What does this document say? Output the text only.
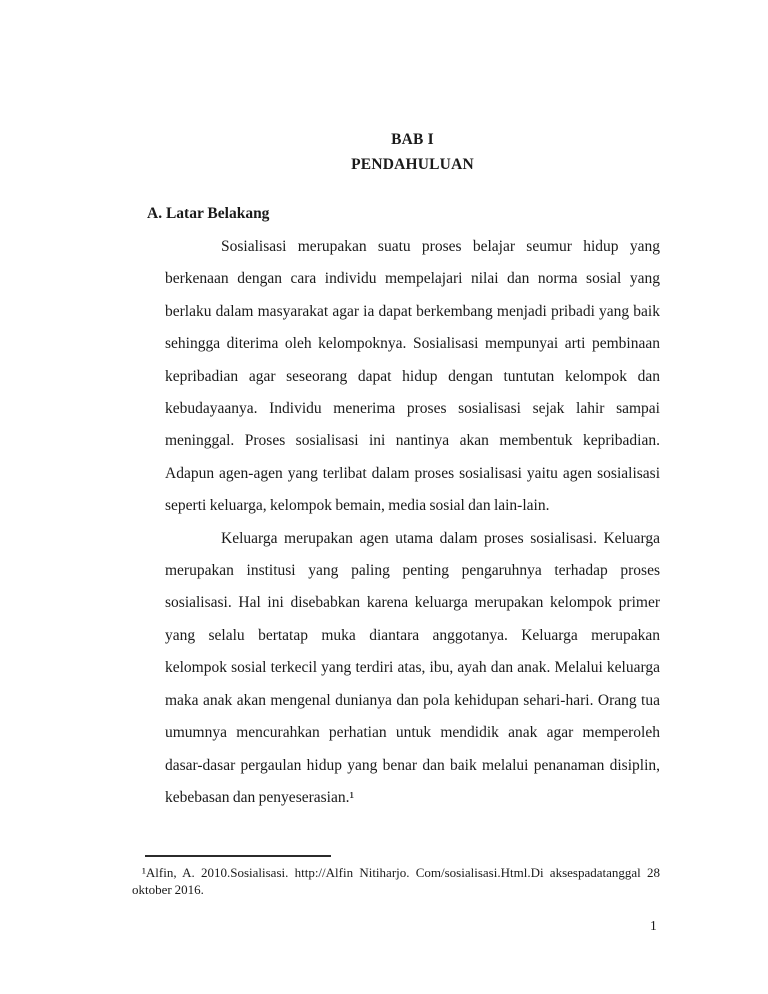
BAB I
PENDAHULUAN
A. Latar Belakang
Sosialisasi merupakan suatu proses belajar seumur hidup yang
berkenaan dengan cara individu mempelajari nilai dan norma sosial yang
berlaku dalam masyarakat agar ia dapat berkembang menjadi pribadi yang baik
sehingga diterima oleh kelompoknya. Sosialisasi mempunyai arti pembinaan
kepribadian agar seseorang dapat hidup dengan tuntutan kelompok dan
kebudayaanya. Individu menerima proses sosialisasi sejak lahir sampai
meninggal. Proses sosialisasi ini nantinya akan membentuk kepribadian.
Adapun agen-agen yang terlibat dalam proses sosialisasi yaitu agen sosialisasi
seperti keluarga, kelompok bemain, media sosial dan lain-lain.
Keluarga merupakan agen utama dalam proses sosialisasi. Keluarga
merupakan institusi yang paling penting pengaruhnya terhadap proses
sosialisasi. Hal ini disebabkan karena keluarga merupakan kelompok primer
yang selalu bertatap muka diantara anggotanya. Keluarga merupakan
kelompok sosial terkecil yang terdiri atas, ibu, ayah dan anak. Melalui keluarga
maka anak akan mengenal dunianya dan pola kehidupan sehari-hari. Orang tua
umumnya mencurahkan perhatian untuk mendidik anak agar memperoleh
dasar-dasar pergaulan hidup yang benar dan baik melalui penanaman disiplin,
kebebasan dan penyeserasian.¹
¹Alfin, A. 2010.Sosialisasi. http://Alfin Nitiharjo. Com/sosialisasi.Html.Di aksespadatanggal 28
oktober 2016.
1
